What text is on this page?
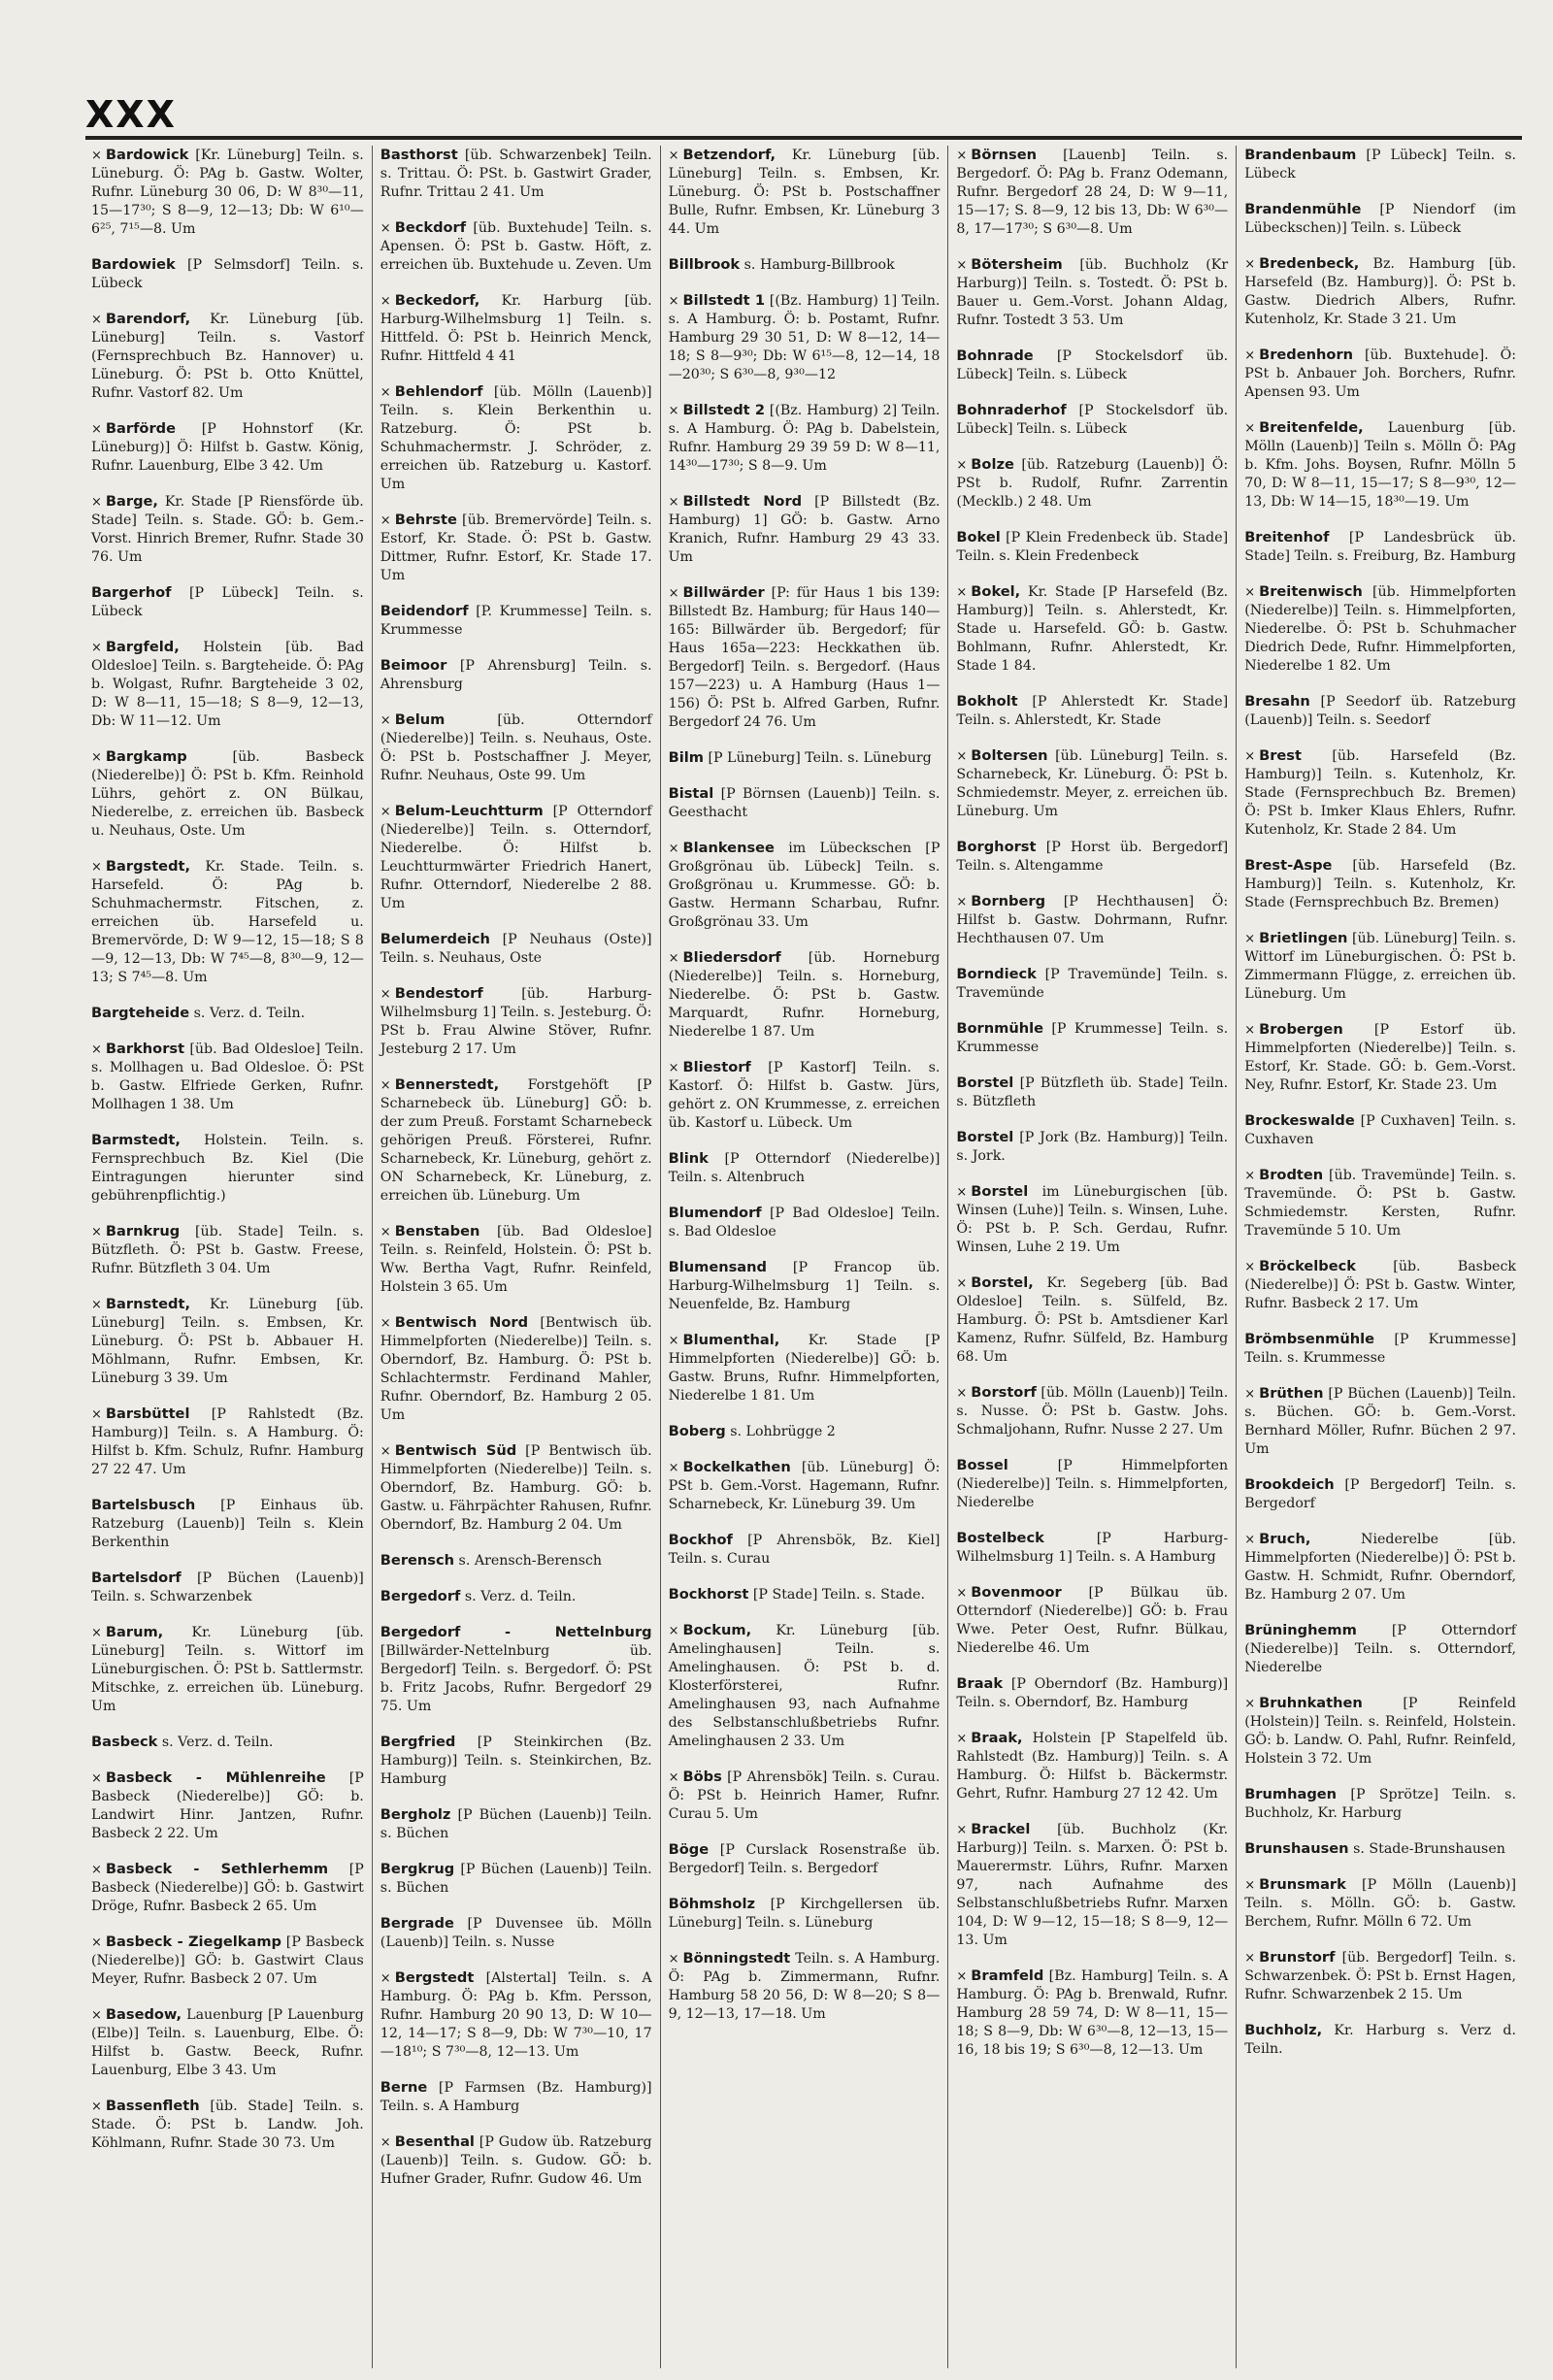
XXX
× Bardowick [Kr. Lüneburg] Teiln. s. Lüneburg. Ö: PAg b. Gastw. Wolter, Rufnr. Lüneburg 30 06, D: W 8³⁰—11, 15—17³⁰; S 8—9, 12—13; Db: W 6¹⁰—6²⁵, 7¹⁵—8. Um
Bardowiek [P Selmsdorf] Teiln. s. Lübeck
× Barendorf, Kr. Lüneburg [üb. Lüneburg] Teiln. s. Vastorf (Fernsprechbuch Bz. Hannover) u. Lüneburg. Ö: PSt b. Otto Knüttel, Rufnr. Vastorf 82. Um
× Barförde [P Hohnstorf (Kr. Lüneburg)] Ö: Hilfst b. Gastw. König, Rufnr. Lauenburg, Elbe 3 42. Um
× Barge, Kr. Stade [P Riensförde üb. Stade] Teiln. s. Stade. GÖ: b. Gem.-Vorst. Hinrich Bremer, Rufnr. Stade 30 76. Um
Bargerhof [P Lübeck] Teiln. s. Lübeck
× Bargfeld, Holstein [üb. Bad Oldesloe] Teiln. s. Bargteheide. Ö: PAg b. Wolgast, Rufnr. Bargteheide 3 02, D: W 8—11, 15—18; S 8—9, 12—13, Db: W 11—12. Um
× Bargkamp	[üb. Basbeck (Niederelbe)] Ö: PSt b. Kfm. Reinhold Lührs, gehört z. ON Bülkau, Niederelbe, z. erreichen üb. Basbeck u. Neuhaus, Oste. Um
× Bargstedt, Kr. Stade. Teiln. s. Harsefeld. Ö: PAg b. Schuhmachermstr. Fitschen, z. erreichen üb. Harsefeld u. Bremervörde, D: W 9—12, 15—18; S 8—9, 12—13, Db: W 7⁴⁵—8, 8³⁰—9, 12—13; S 7⁴⁵—8. Um
Bargteheide s. Verz. d. Teiln.
× Barkhorst [üb. Bad Oldesloe] Teiln. s. Mollhagen u. Bad Oldesloe. Ö: PSt b. Gastw. Elfriede Gerken, Rufnr. Mollhagen 1 38. Um
Barmstedt, Holstein. Teiln. s. Fernsprechbuch Bz. Kiel (Die Eintragungen hierunter sind gebührenpflichtig.)
× Barnkrug [üb. Stade] Teiln. s. Bützfleth. Ö: PSt b. Gastw. Freese, Rufnr. Bützfleth 3 04. Um
× Barnstedt, Kr. Lüneburg [üb. Lüneburg] Teiln. s. Embsen, Kr. Lüneburg. Ö: PSt b. Abbauer H. Möhlmann, Rufnr. Embsen, Kr. Lüneburg 3 39. Um
× Barsbüttel [P Rahlstedt (Bz. Hamburg)] Teiln. s. A Hamburg. Ö: Hilfst b. Kfm. Schulz, Rufnr. Hamburg 27 22 47. Um
Bartelsbusch [P Einhaus üb. Ratzeburg (Lauenb)] Teiln s. Klein Berkenthin
Bartelsdorf [P Büchen (Lauenb)] Teiln. s. Schwarzenbek
× Barum, Kr. Lüneburg [üb. Lüneburg] Teiln. s. Wittorf im Lüneburgischen. Ö: PSt b. Sattlermstr. Mitschke, z. erreichen üb. Lüneburg. Um
Basbeck s. Verz. d. Teiln.
× Basbeck - Mühlenreihe [P Basbeck (Niederelbe)] GÖ: b. Landwirt Hinr. Jantzen, Rufnr. Basbeck 2 22. Um
× Basbeck - Sethlerhemm [P Basbeck (Niederelbe)] GÖ: b. Gastwirt Dröge, Rufnr. Basbeck 2 65. Um
× Basbeck - Ziegelkamp [P Basbeck (Niederelbe)] GÖ: b. Gastwirt Claus Meyer, Rufnr. Basbeck 2 07. Um
× Basedow, Lauenburg [P Lauenburg (Elbe)] Teiln. s. Lauenburg, Elbe. Ö: Hilfst b. Gastw. Beeck, Rufnr. Lauenburg, Elbe 3 43. Um
× Bassenfleth [üb. Stade] Teiln. s. Stade. Ö: PSt b. Landw. Joh. Köhlmann, Rufnr. Stade 30 73. Um
Basthorst [üb. Schwarzenbek] Teiln. s. Trittau. Ö: PSt. b. Gastwirt Grader, Rufnr. Trittau 2 41. Um
× Beckdorf [üb. Buxtehude] Teiln. s. Apensen. Ö: PSt b. Gastw. Höft, z. erreichen üb. Buxtehude u. Zeven. Um
× Beckedorf, Kr. Harburg [üb. Harburg-Wilhelmsburg 1] Teiln. s. Hittfeld. Ö: PSt b. Heinrich Menck, Rufnr. Hittfeld 4 41
× Behlendorf [üb. Mölln (Lauenb)] Teiln. s. Klein Berkenthin u. Ratzeburg. Ö: PSt b. Schuhmachermstr. J. Schröder, z. erreichen üb. Ratzeburg u. Kastorf. Um
× Behrste [üb. Bremervörde] Teiln. s. Estorf, Kr. Stade. Ö: PSt b. Gastw. Dittmer, Rufnr. Estorf, Kr. Stade 17. Um
Beidendorf [P. Krummesse] Teiln. s. Krummesse
Beimoor [P Ahrensburg] Teiln. s. Ahrensburg
× Belum	[üb. Otterndorf (Niederelbe)] Teiln. s. Neuhaus, Oste. Ö: PSt b. Postschaffner J. Meyer, Rufnr. Neuhaus, Oste 99. Um
× Belum-Leuchtturm [P Otterndorf (Niederelbe)] Teiln. s. Otterndorf, Niederelbe. Ö: Hilfst b. Leuchtturmwärter Friedrich Hanert, Rufnr. Otterndorf, Niederelbe 2 88. Um
Belumerdeich [P Neuhaus (Oste)] Teiln. s. Neuhaus, Oste
× Bendestorf	[üb. Harburg-Wilhelmsburg 1] Teiln. s. Jesteburg. Ö: PSt b. Frau Alwine Stöver, Rufnr. Jesteburg 2 17. Um
× Bennerstedt, Forstgehöft [P Scharnebeck üb. Lüneburg] GÖ: b. der zum Preuß. Forstamt Scharnebeck gehörigen Preuß. Försterei, Rufnr. Scharnebeck, Kr. Lüneburg, gehört z. ON Scharnebeck, Kr. Lüneburg, z. erreichen üb. Lüneburg. Um
× Benstaben [üb. Bad Oldesloe] Teiln. s. Reinfeld, Holstein. Ö: PSt b. Ww. Bertha Vagt, Rufnr. Reinfeld, Holstein 3 65. Um
× Bentwisch Nord [Bentwisch üb. Himmelpforten (Niederelbe)] Teiln. s. Oberndorf, Bz. Hamburg. Ö: PSt b. Schlachtermstr. Ferdinand Mahler, Rufnr. Oberndorf, Bz. Hamburg 2 05. Um
× Bentwisch Süd [P Bentwisch üb. Himmelpforten (Niederelbe)] Teiln. s. Oberndorf, Bz. Hamburg. GÖ: b. Gastw. u. Fährpächter Rahusen, Rufnr. Oberndorf, Bz. Hamburg 2 04. Um
Berensch s. Arensch-Berensch
Bergedorf s. Verz. d. Teiln.
Bergedorf - Nettelnburg [Billwärder-Nettelnburg üb. Bergedorf] Teiln. s. Bergedorf. Ö: PSt b. Fritz Jacobs, Rufnr. Bergedorf 29 75. Um
Bergfried [P Steinkirchen (Bz. Hamburg)] Teiln. s. Steinkirchen, Bz. Hamburg
Bergholz [P Büchen (Lauenb)] Teiln. s. Büchen
Bergkrug [P Büchen (Lauenb)] Teiln. s. Büchen
Bergrade [P Duvensee üb. Mölln (Lauenb)] Teiln. s. Nusse
× Bergstedt [Alstertal] Teiln. s. A Hamburg. Ö: PAg b. Kfm. Persson, Rufnr. Hamburg 20 90 13, D: W 10—12, 14—17; S 8—9, Db: W 7³⁰—10, 17—18¹⁰; S 7³⁰—8, 12—13. Um
Berne [P Farmsen (Bz. Hamburg)] Teiln. s. A Hamburg
× Besenthal [P Gudow üb. Ratzeburg (Lauenb)] Teiln. s. Gudow. GÖ: b. Hufner Grader, Rufnr. Gudow 46. Um
× Betzendorf, Kr. Lüneburg [üb. Lüneburg] Teiln. s. Embsen, Kr. Lüneburg. Ö: PSt b. Postschaffner Bulle, Rufnr. Embsen, Kr. Lüneburg 3 44. Um
Billbrook s. Hamburg-Billbrook
× Billstedt 1 [(Bz. Hamburg) 1] Teiln. s. A Hamburg. Ö: b. Postamt, Rufnr. Hamburg 29 30 51, D: W 8—12, 14—18; S 8—9³⁰; Db: W 6¹⁵—8, 12—14, 18—20³⁰; S 6³⁰—8, 9³⁰—12
× Billstedt 2 [(Bz. Hamburg) 2] Teiln. s. A Hamburg. Ö: PAg b. Dabelstein, Rufnr. Hamburg 29 39 59 D: W 8—11, 14³⁰—17³⁰; S 8—9. Um
× Billstedt Nord [P Billstedt (Bz. Hamburg) 1] GÖ: b. Gastw. Arno Kranich, Rufnr. Hamburg 29 43 33. Um
× Billwärder [P: für Haus 1 bis 139: Billstedt Bz. Hamburg; für Haus 140—165: Billwärder üb. Bergedorf; für Haus 165a—223: Heckkathen üb. Bergedorf] Teiln. s. Bergedorf. (Haus 157—223) u. A Hamburg (Haus 1—156) Ö: PSt b. Alfred Garben, Rufnr. Bergedorf 24 76. Um
Bilm [P Lüneburg] Teiln. s. Lüneburg
Bistal [P Börnsen (Lauenb)] Teiln. s. Geesthacht
× Blankensee im Lübeckschen [P Großgrönau üb. Lübeck] Teiln. s. Großgrönau u. Krummesse. GÖ: b. Gastw. Hermann Scharbau, Rufnr. Großgrönau 33. Um
× Bliedersdorf [üb. Horneburg (Niederelbe)] Teiln. s. Horneburg, Niederelbe. Ö: PSt b. Gastw. Marquardt, Rufnr. Horneburg, Niederelbe 1 87. Um
× Bliestorf [P Kastorf] Teiln. s. Kastorf. Ö: Hilfst b. Gastw. Jürs, gehört z. ON Krummesse, z. erreichen üb. Kastorf u. Lübeck. Um
Blink [P Otterndorf (Niederelbe)] Teiln. s. Altenbruch
Blumendorf [P Bad Oldesloe] Teiln. s. Bad Oldesloe
Blumensand [P Francop üb. Harburg-Wilhelmsburg 1] Teiln. s. Neuenfelde, Bz. Hamburg
× Blumenthal, Kr. Stade [P Himmelpforten (Niederelbe)] GÖ: b. Gastw. Bruns, Rufnr. Himmelpforten, Niederelbe 1 81. Um
Boberg s. Lohbrügge 2
× Bockelkathen [üb. Lüneburg] Ö: PSt b. Gem.-Vorst. Hagemann, Rufnr. Scharnebeck, Kr. Lüneburg 39. Um
Bockhof [P Ahrensbök, Bz. Kiel] Teiln. s. Curau
Bockhorst [P Stade] Teiln. s. Stade.
× Bockum, Kr. Lüneburg [üb. Amelinghausen] Teiln. s. Amelinghausen. Ö: PSt b. d. Klosterförsterei, Rufnr. Amelinghausen 93, nach Aufnahme des Selbstanschlußbetriebs Rufnr. Amelinghausen 2 33. Um
× Böbs [P Ahrensbök] Teiln. s. Curau. Ö: PSt b. Heinrich Hamer, Rufnr. Curau 5. Um
Böge [P Curslack Rosenstraße üb. Bergedorf] Teiln. s. Bergedorf
Böhmsholz [P Kirchgellersen üb. Lüneburg] Teiln. s. Lüneburg
× Bönningstedt Teiln. s. A Hamburg. Ö: PAg b. Zimmermann, Rufnr. Hamburg 58 20 56, D: W 8—20; S 8—9, 12—13, 17—18. Um
× Börnsen [Lauenb] Teiln. s. Bergedorf. Ö: PAg b. Franz Odemann, Rufnr. Bergedorf 28 24, D: W 9—11, 15—17; S. 8—9, 12 bis 13, Db: W 6³⁰—8, 17—17³⁰; S 6³⁰—8. Um
× Bötersheim [üb. Buchholz (Kr Harburg)] Teiln. s. Tostedt. Ö: PSt b. Bauer u. Gem.-Vorst. Johann Aldag, Rufnr. Tostedt 3 53. Um
Bohnrade [P Stockelsdorf üb. Lübeck] Teiln. s. Lübeck
Bohnraderhof [P Stockelsdorf üb. Lübeck] Teiln. s. Lübeck
× Bolze [üb. Ratzeburg (Lauenb)] Ö: PSt b. Rudolf, Rufnr. Zarrentin (Mecklb.) 2 48. Um
Bokel [P Klein Fredenbeck üb. Stade] Teiln. s. Klein Fredenbeck
× Bokel, Kr. Stade [P Harsefeld (Bz. Hamburg)] Teiln. s. Ahlerstedt, Kr. Stade u. Harsefeld. GÖ: b. Gastw. Bohlmann, Rufnr. Ahlerstedt, Kr. Stade 1 84.
Bokholt [P Ahlerstedt Kr. Stade] Teiln. s. Ahlerstedt, Kr. Stade
× Boltersen [üb. Lüneburg] Teiln. s. Scharnebeck, Kr. Lüneburg. Ö: PSt b. Schmiedemstr. Meyer, z. erreichen üb. Lüneburg. Um
Borghorst [P Horst üb. Bergedorf] Teiln. s. Altengamme
× Bornberg [P Hechthausen] Ö: Hilfst b. Gastw. Dohrmann, Rufnr. Hechthausen 07. Um
Borndieck [P Travemünde] Teiln. s. Travemünde
Bornmühle [P Krummesse] Teiln. s. Krummesse
Borstel [P Bützfleth üb. Stade] Teiln. s. Bützfleth
Borstel [P Jork (Bz. Hamburg)] Teiln. s. Jork.
× Borstel im Lüneburgischen [üb. Winsen (Luhe)] Teiln. s. Winsen, Luhe. Ö: PSt b. P. Sch. Gerdau, Rufnr. Winsen, Luhe 2 19. Um
× Borstel, Kr. Segeberg [üb. Bad Oldesloe] Teiln. s. Sülfeld, Bz. Hamburg. Ö: PSt b. Amtsdiener Karl Kamenz, Rufnr. Sülfeld, Bz. Hamburg 68. Um
× Borstorf [üb. Mölln (Lauenb)] Teiln. s. Nusse. Ö: PSt b. Gastw. Johs. Schmaljohann, Rufnr. Nusse 2 27. Um
Bossel	[P Himmelpforten (Niederelbe)] Teiln. s. Himmelpforten, Niederelbe
Bostelbeck	[P Harburg-Wilhelmsburg 1] Teiln. s. A Hamburg
× Bovenmoor [P Bülkau üb. Otterndorf (Niederelbe)] GÖ: b. Frau Wwe. Peter Oest, Rufnr. Bülkau, Niederelbe 46. Um
Braak [P Oberndorf (Bz. Hamburg)] Teiln. s. Oberndorf, Bz. Hamburg
× Braak, Holstein [P Stapelfeld üb. Rahlstedt (Bz. Hamburg)] Teiln. s. A Hamburg. Ö: Hilfst b. Bäckermstr. Gehrt, Rufnr. Hamburg 27 12 42. Um
× Brackel [üb. Buchholz (Kr. Harburg)] Teiln. s. Marxen. Ö: PSt b. Mauerermstr. Lührs, Rufnr. Marxen 97, nach Aufnahme des Selbstanschlußbetriebs Rufnr. Marxen 104, D: W 9—12, 15—18; S 8—9, 12—13. Um
× Bramfeld [Bz. Hamburg] Teiln. s. A Hamburg. Ö: PAg b. Brenwald, Rufnr. Hamburg 28 59 74, D: W 8—11, 15—18; S 8—9, Db: W 6³⁰—8, 12—13, 15—16, 18 bis 19; S 6³⁰—8, 12—13. Um
Brandenbaum [P Lübeck] Teiln. s. Lübeck
Brandenmühle [P Niendorf (im Lübeckschen)] Teiln. s. Lübeck
× Bredenbeck, Bz. Hamburg [üb. Harsefeld (Bz. Hamburg)]. Ö: PSt b. Gastw. Diedrich Albers, Rufnr. Kutenholz, Kr. Stade 3 21. Um
× Bredenhorn [üb. Buxtehude]. Ö: PSt b. Anbauer Joh. Borchers, Rufnr. Apensen 93. Um
× Breitenfelde, Lauenburg [üb. Mölln (Lauenb)] Teiln s. Mölln Ö: PAg b. Kfm. Johs. Boysen, Rufnr. Mölln 5 70, D: W 8—11, 15—17; S 8—9³⁰, 12—13, Db: W 14—15, 18³⁰—19. Um
Breitenhof [P Landesbrück üb. Stade] Teiln. s. Freiburg, Bz. Hamburg
× Breitenwisch [üb. Himmelpforten (Niederelbe)] Teiln. s. Himmelpforten, Niederelbe. Ö: PSt b. Schuhmacher Diedrich Dede, Rufnr. Himmelpforten, Niederelbe 1 82. Um
Bresahn [P Seedorf üb. Ratzeburg (Lauenb)] Teiln. s. Seedorf
× Brest [üb. Harsefeld (Bz. Hamburg)] Teiln. s. Kutenholz, Kr. Stade (Fernsprechbuch Bz. Bremen) Ö: PSt b. Imker Klaus Ehlers, Rufnr. Kutenholz, Kr. Stade 2 84. Um
Brest-Aspe [üb. Harsefeld (Bz. Hamburg)] Teiln. s. Kutenholz, Kr. Stade (Fernsprechbuch Bz. Bremen)
× Brietlingen [üb. Lüneburg] Teiln. s. Wittorf im Lüneburgischen. Ö: PSt b. Zimmermann Flügge, z. erreichen üb. Lüneburg. Um
× Brobergen [P Estorf üb. Himmelpforten (Niederelbe)] Teiln. s. Estorf, Kr. Stade. GÖ: b. Gem.-Vorst. Ney, Rufnr. Estorf, Kr. Stade 23. Um
Brockeswalde [P Cuxhaven] Teiln. s. Cuxhaven
× Brodten [üb. Travemünde] Teiln. s. Travemünde. Ö: PSt b. Gastw. Schmiedemstr. Kersten, Rufnr. Travemünde 5 10. Um
× Bröckelbeck	[üb. Basbeck (Niederelbe)] Ö: PSt b. Gastw. Winter, Rufnr. Basbeck 2 17. Um
Brömbsenmühle [P Krummesse] Teiln. s. Krummesse
× Brüthen [P Büchen (Lauenb)] Teiln. s. Büchen. GÖ: b. Gem.-Vorst. Bernhard Möller, Rufnr. Büchen 2 97. Um
Brookdeich [P Bergedorf] Teiln. s. Bergedorf
× Bruch,	Niederelbe [üb. Himmelpforten (Niederelbe)] Ö: PSt b. Gastw. H. Schmidt, Rufnr. Oberndorf, Bz. Hamburg 2 07. Um
Brüninghemm	[P Otterndorf (Niederelbe)] Teiln. s. Otterndorf, Niederelbe
× Bruhnkathen	[P Reinfeld (Holstein)] Teiln. s. Reinfeld, Holstein. GÖ: b. Landw. O. Pahl, Rufnr. Reinfeld, Holstein 3 72. Um
Brumhagen [P Sprötze] Teiln. s. Buchholz, Kr. Harburg
Brunshausen s. Stade-Brunshausen
× Brunsmark [P Mölln (Lauenb)] Teiln. s. Mölln. GÖ: b. Gastw. Berchem, Rufnr. Mölln 6 72. Um
× Brunstorf [üb. Bergedorf] Teiln. s. Schwarzenbek. Ö: PSt b. Ernst Hagen, Rufnr. Schwarzenbek 2 15. Um
Buchholz, Kr. Harburg s. Verz d. Teiln.
